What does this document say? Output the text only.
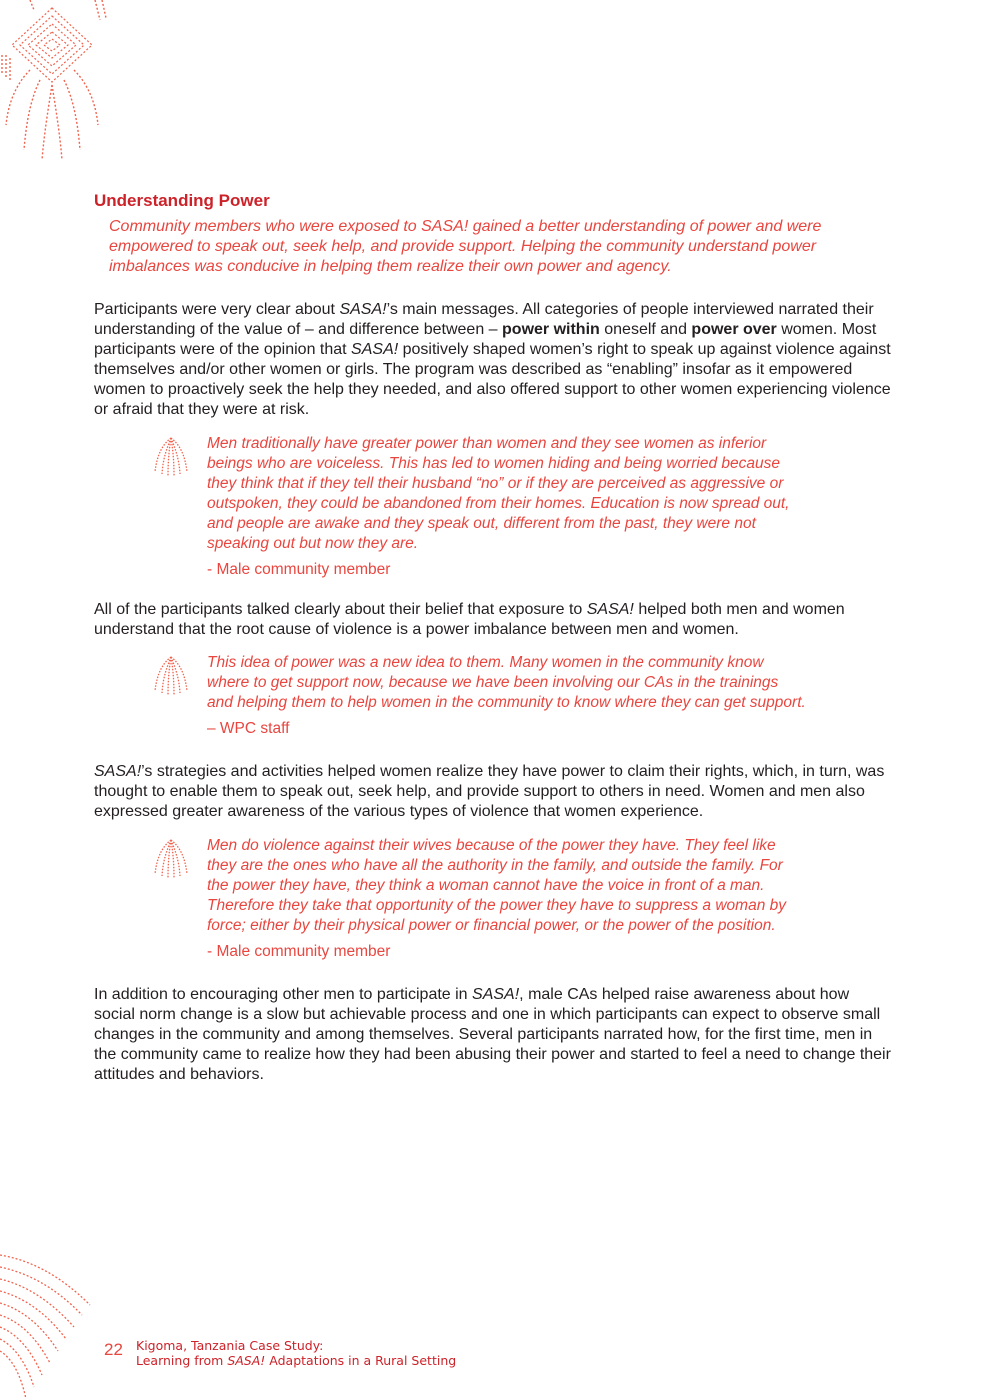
Understanding Power

Community members who were exposed to SASA! gained a better understanding of power and were empowered to speak out, seek help, and provide support. Helping the community understand power imbalances was conducive in helping them realize their own power and agency.

Participants were very clear about SASA!’s main messages. All categories of people interviewed narrated their understanding of the value of – and difference between – power within oneself and power over women. Most participants were of the opinion that SASA! positively shaped women’s right to speak up against violence against themselves and/or other women or girls. The program was described as “enabling” insofar as it empowered women to proactively seek the help they needed, and also offered support to other women experiencing violence or afraid that they were at risk.

Men traditionally have greater power than women and they see women as inferior beings who are voiceless. This has led to women hiding and being worried because they think that if they tell their husband “no” or if they are perceived as aggressive or outspoken, they could be abandoned from their homes. Education is now spread out, and people are awake and they speak out, different from the past, they were not speaking out but now they are.

- Male community member

All of the participants talked clearly about their belief that exposure to SASA! helped both men and women understand that the root cause of violence is a power imbalance between men and women.

This idea of power was a new idea to them. Many women in the community know where to get support now, because we have been involving our CAs in the trainings and helping them to help women in the community to know where they can get support.

– WPC staff

SASA!’s strategies and activities helped women realize they have power to claim their rights, which, in turn, was thought to enable them to speak out, seek help, and provide support to others in need. Women and men also expressed greater awareness of the various types of violence that women experience.

Men do violence against their wives because of the power they have. They feel like they are the ones who have all the authority in the family, and outside the family. For the power they have, they think a woman cannot have the voice in front of a man. Therefore they take that opportunity of the power they have to suppress a woman by force; either by their physical power or financial power, or the power of the position.

- Male community member

In addition to encouraging other men to participate in SASA!, male CAs helped raise awareness about how social norm change is a slow but achievable process and one in which participants can expect to observe small changes in the community and among themselves. Several participants narrated how, for the first time, men in the community came to realize how they had been abusing their power and started to feel a need to change their attitudes and behaviors.

22 Kigoma, Tanzania Case Study:
Learning from SASA! Adaptations in a Rural Setting
